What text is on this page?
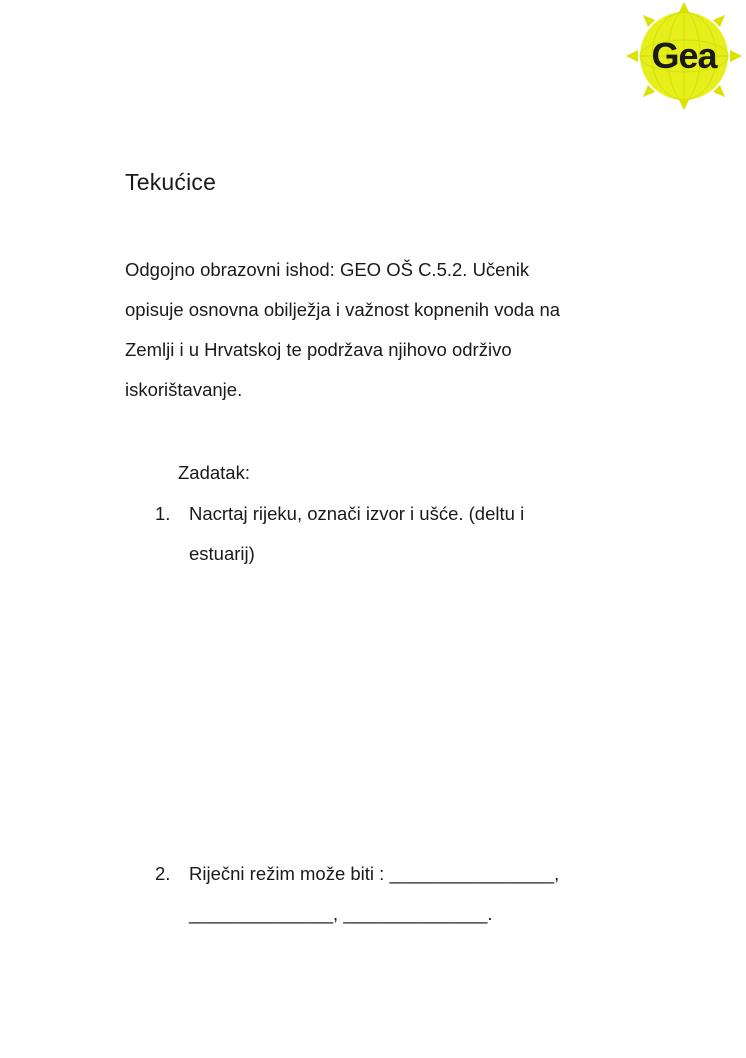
Gea
Tekućice
Odgojno obrazovni ishod: GEO OŠ C.5.2. Učenik
opisuje osnovna obilježja i važnost kopnenih voda na
Zemlji i u Hrvatskoj te podržava njihovo održivo
iskorištavanje.
Zadatak:
1.	Nacrtaj rijeku, označi izvor i ušće. (deltu i
estuarij)
2.	Riječni režim može biti : ________________,
______________, ______________.
